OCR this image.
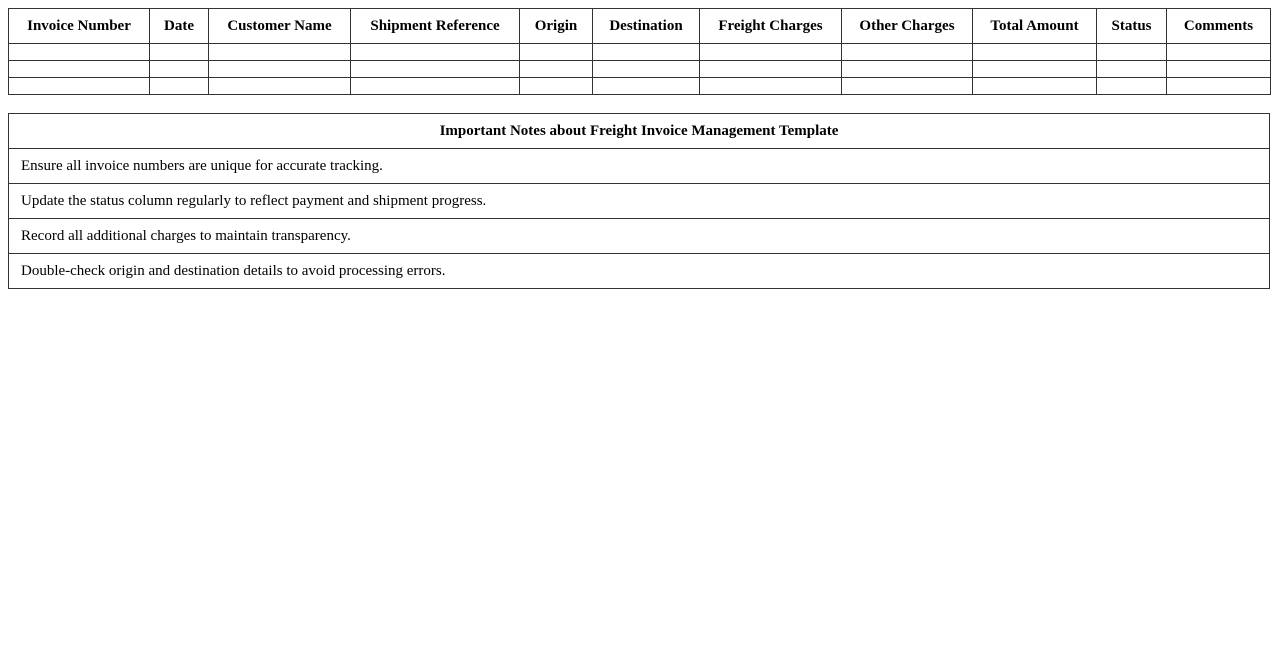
Invoice Number	Date	Customer Name	Shipment Reference	Origin	Destination	Freight Charges	Other Charges	Total Amount	Status	Comments

Important Notes about Freight Invoice Management Template
Ensure all invoice numbers are unique for accurate tracking.
Update the status column regularly to reflect payment and shipment progress.
Record all additional charges to maintain transparency.
Double-check origin and destination details to avoid processing errors.
